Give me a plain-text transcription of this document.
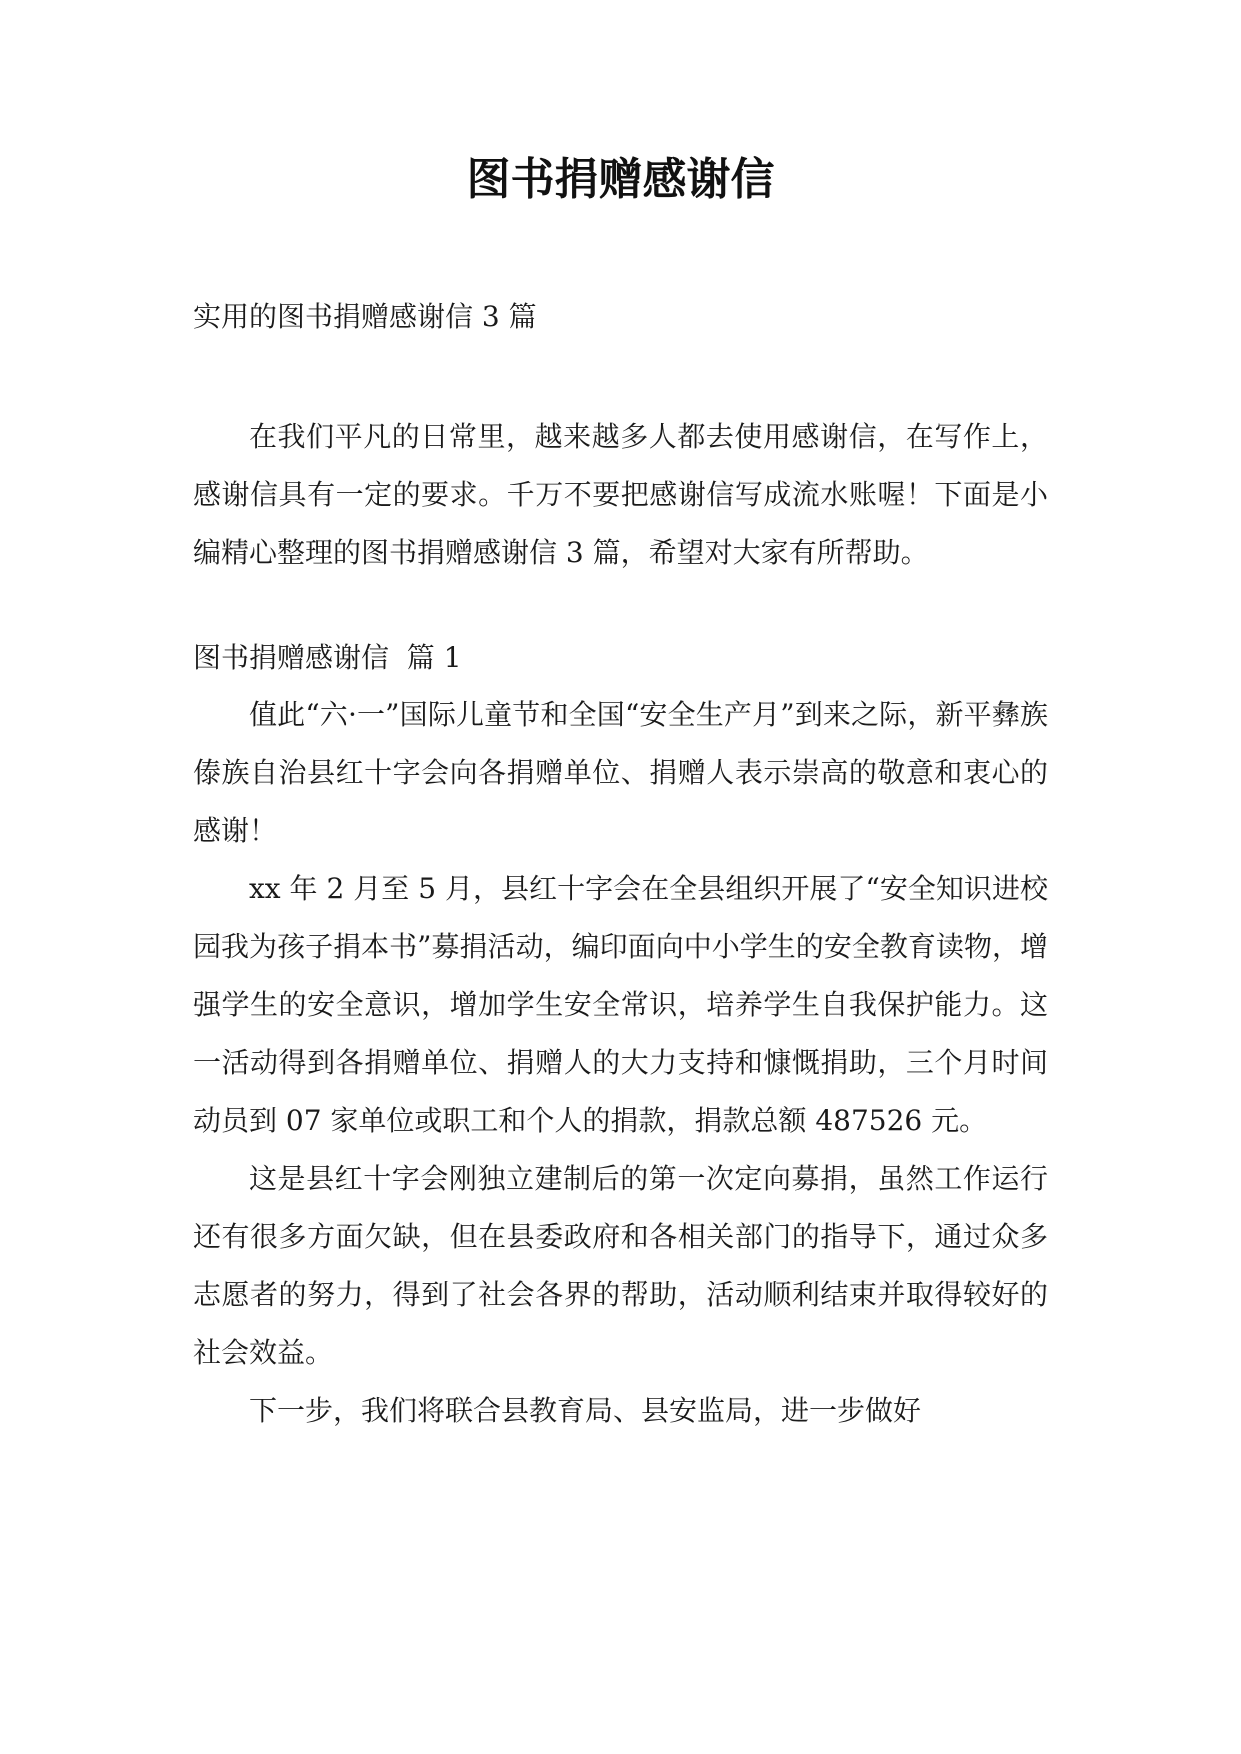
图书捐赠感谢信

实用的图书捐赠感谢信 3 篇

在我们平凡的日常里，越来越多人都去使用感谢信，在写作上，感谢信具有一定的要求。千万不要把感谢信写成流水账喔！下面是小编精心整理的图书捐赠感谢信 3 篇，希望对大家有所帮助。

图书捐赠感谢信  篇 1

值此“六·一”国际儿童节和全国“安全生产月”到来之际，新平彝族傣族自治县红十字会向各捐赠单位、捐赠人表示崇高的敬意和衷心的感谢！

xx 年 2 月至 5 月，县红十字会在全县组织开展了“安全知识进校园我为孩子捐本书”募捐活动，编印面向中小学生的安全教育读物，增强学生的安全意识，增加学生安全常识，培养学生自我保护能力。这一活动得到各捐赠单位、捐赠人的大力支持和慷慨捐助，三个月时间动员到 07 家单位或职工和个人的捐款，捐款总额 487526 元。

这是县红十字会刚独立建制后的第一次定向募捐，虽然工作运行还有很多方面欠缺，但在县委政府和各相关部门的指导下，通过众多志愿者的努力，得到了社会各界的帮助，活动顺利结束并取得较好的社会效益。

下一步，我们将联合县教育局、县安监局，进一步做好
